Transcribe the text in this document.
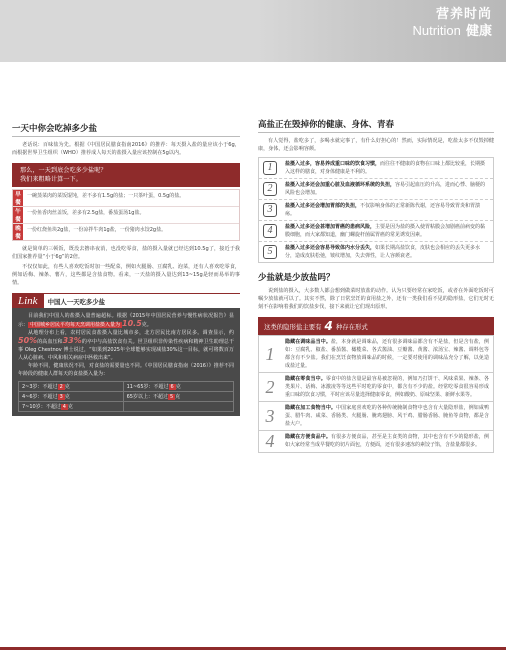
营养时尚
Nutrition 健康
一天中你会吃掉多少盐

老话说：百味盐为先。根据《中国居民膳食指南2016》的推荐：每天摄入盐的量应该小于6g，而根据世界卫生组织（WHO）推荐成人每天的盐摄入量应该控制在5g以内。

那么，一天到底会吃多少盐呢？
我们来粗略计算一下。
早餐
一碗蒸菜肉的菜饭馄饨，差不多有1.5g的盐；一只茶叶蛋，0.5g的盐。
午餐
一份鱼香肉丝盖饭，差多有2.5g盐，番茄蛋汤1g盐。
晚餐
一份红烧鱼块2g盐，一份凉拌牛肉1g盐，一份猪肉水饺2g盐。

就是简单的三顿饭，既没去撸串夜消，也没吃零食，盐的摄入量就已经达到10.5g了，接近于我们国家推荐量“小于6g”的2倍。

不仅仅如此，有些人喜欢吃饭时加一些配菜，例如火腿肠、豆腐乳、泡菜，还有人喜欢吃零食，例如话梅、辣条、薯片，这些都是含盐食物。看来，一天盐的摄入量达到13~15g是轻而易举的事情。

Link	中国人一天吃多少盐

目前我们中国人的盐摄入量普遍超标。根据《2015年中国居民营养与慢性病状况报告》显示： 中国城乡居民平均每天烹调用盐摄入量为 10.5克。

从地理分布上看，农村居民食盐摄入量比城市多，北方居民比南方居民多。调查显示，约50%的高血压和33%的卒中与高盐饮食有关。世卫组织非传染性疾病和精神卫生助理总干事 Oleg Chestnov 博士说过，“如果到2025年全球能够实现减盐30%这一目标，就可将数百万人从心脏病、中风和相关病症中拯救出来”。

年龄不同，健康状况不同，对食盐的需要量也不同。《中国居民膳食指南（2016）》推荐不同年龄段的健康人群每天的食盐摄入量为：

2~3岁：不超过 2 克	11~65岁：不超过 6 克
4~6岁：不超过 3 克	65岁以上：不超过 5 克
7~10岁：不超过 4 克	
高盐正在毁掉你的健康、身体、青春

有人觉得，盐吃多了，多喝水就完事了，有什么好担心的！然而，实际情况是，吃盐太多不仅毁掉健康，身体，还会影响容颜。

1	盐摄入过多，容易养成重口味的饮食习惯，而往往不健康的食物在口味上都比较重，长期摄入这样的膳食，对身体健康是不利的。
2	盐摄入过多还会加重心脏及血液循环系统的负担，容易引起血压的升高，进而心悸、脑梗的风险也会增加。
3	盐摄入过多还会增加胃部的负担，不仅影响身体的正常新陈代谢，还容易导致胃炎和胃溃疡。
4	盐摄入过多还会甚增加胃癌的患病风险，主要是因为盐的摄入使胃粘膜会加剧癌前病变的黏膜细胞，而大家都知道，幽门螺旋杆菌属胃癌的常见诱发因素。
5	盐摄入过多还会容易导致体内水分丢失，如果长期高盐饮食，皮肤也会相应的丢失更多水分，造成皮肤松弛，皱纹增加，失去弹性，让人容颜衰老。
少盐就是少放盐吗？

说到盐的摄入，大多数人都会想到做菜时放盐的动作。认为只要经常在家吃饭，或者在外面吃饭时可嘱少放盐就可以了。其实不然，除了日常烹饪的食用盐之外，还有一类我们看不见的隐形盐，它们无时无刻不在影响着我们的饮盐步伐，接下来就让它们现出原形。

这类的隐形盐主要有 4 种存在形式
1
隐藏在调味品当中。盐，本身就是调味品，还有很多调味品都含有不是盐，但是含有盐，例如：豆腐乳、椒盐、番茄酱、橄榄菜、各式酱油、豆瓣酱、黄酱、浓汤宝、辣酱、调料包等都含有不少盐。我们在烹饪食物放调味品的时候，一定要对使用的调味品充分了解，以免造成盐过量。
2	隐藏在零食当中。零食中的盐含量是最容易被忽视的，例如乃打饼干、风味菜果、辣条、各类果片、话梅、冰激凌等等这些平时吃的零食中，都含有不少的盐。经常吃零食很容易形成重口味的饮食习惯，平时应该尽量选择健康零食，例如酸奶、原味坚果、新鲜水果等。
3	隐藏在加工食物当中。中国家庭喜欢吃的各种传统腌制食物中也含有大量隐形盐，例如咸鸭蛋、腊牛肉、咸菜、香肠类、火腿肠、腌鸡翅膀、风干鸡、腊肠香肠、腌鱼等食物，都是含盐大户。
4	隐藏在方便食品中。有很多方便食品，甚至是主食类的食物，其中也含有不少的隐形盐，例如大家经常当成早餐吃的切片面包，方便面，还有很多速冻的素饺子馅，含盐量都很多。
